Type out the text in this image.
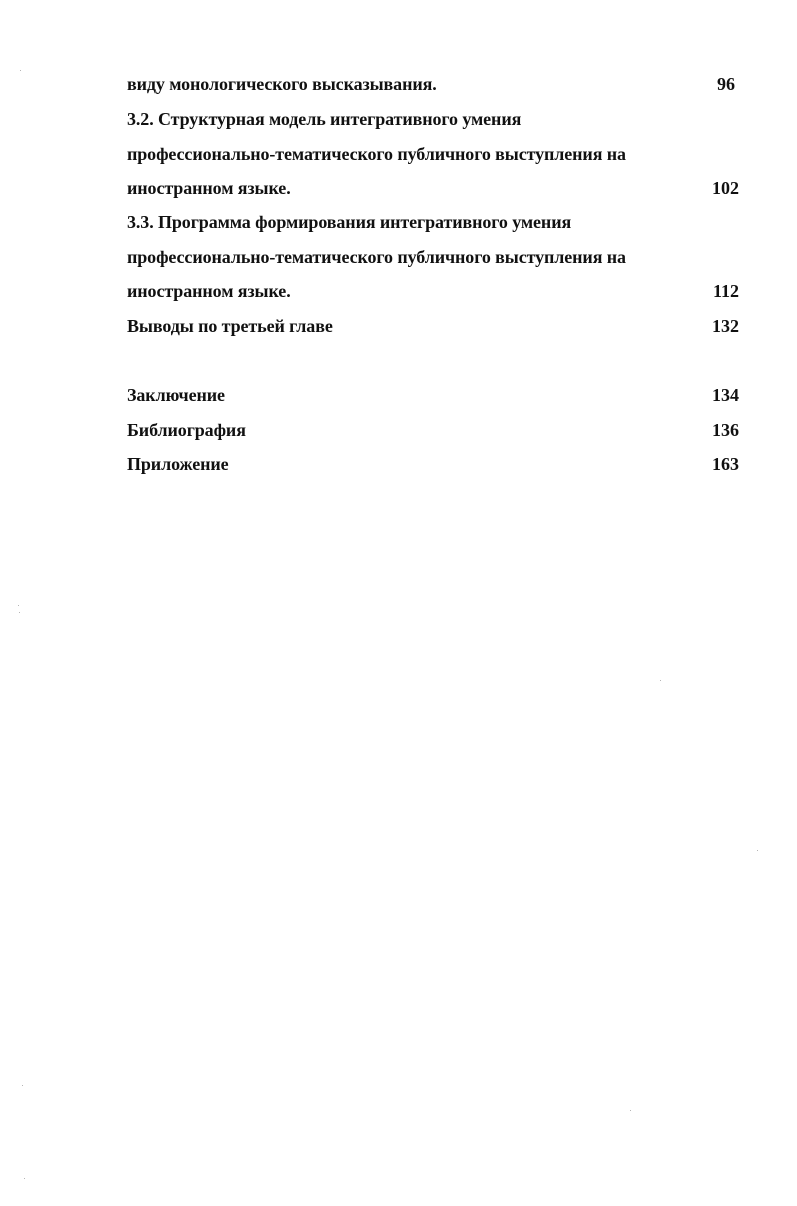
виду монологического высказывания.	96
3.2. Структурная модель интегративного умения
профессионально-тематического публичного выступления на
иностранном языке.	102
3.3. Программа формирования интегративного умения
профессионально-тематического публичного выступления на
иностранном языке.	112
Выводы по третьей главе	132
Заключение	134
Библиография	136
Приложение	163
